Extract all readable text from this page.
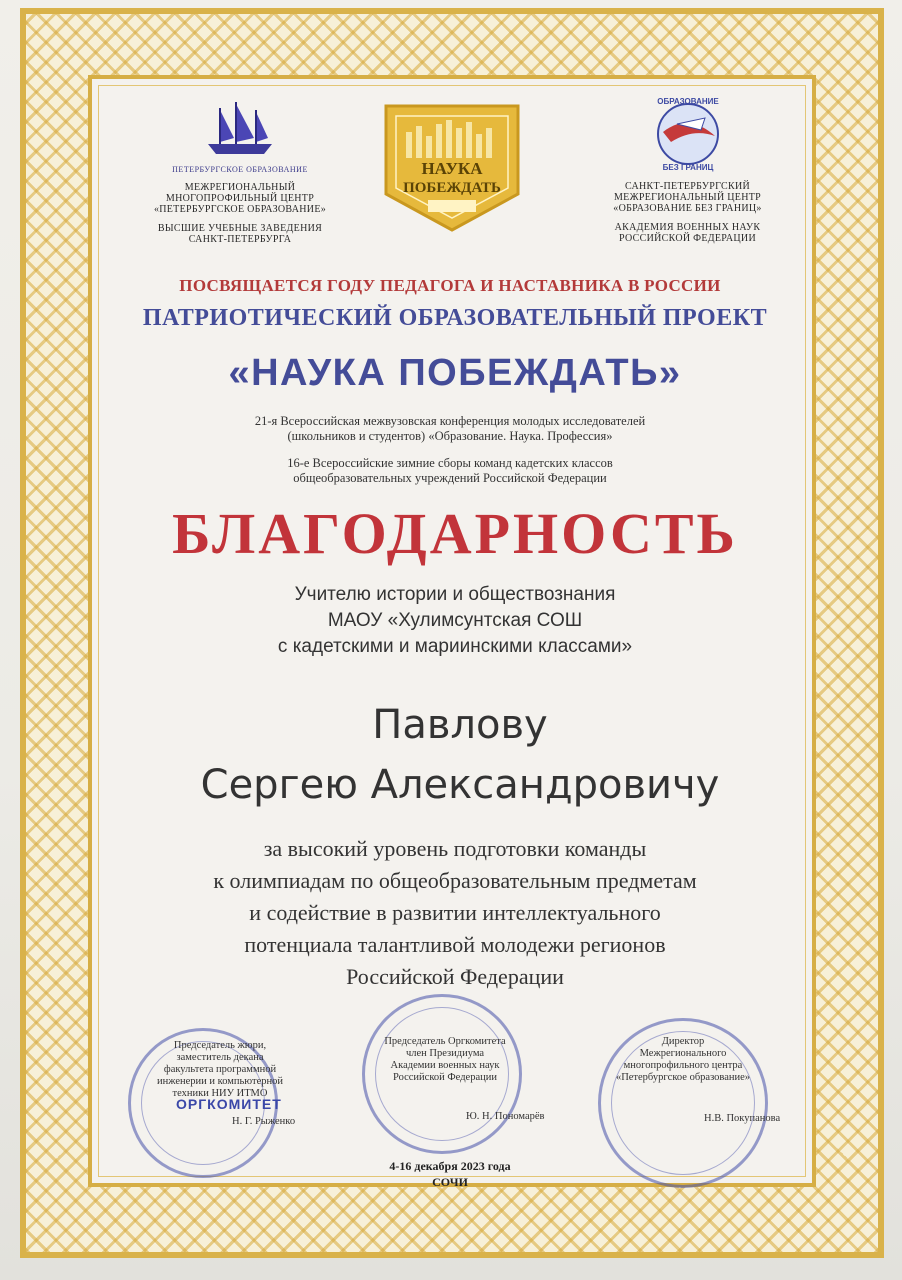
ПЕТЕРБУРГСКОЕ ОБРАЗОВАНИЕ
МЕЖРЕГИОНАЛЬНЫЙ
МНОГОПРОФИЛЬНЫЙ ЦЕНТР
«ПЕТЕРБУРГСКОЕ ОБРАЗОВАНИЕ»
ВЫСШИЕ УЧЕБНЫЕ ЗАВЕДЕНИЯ
САНКТ-ПЕТЕРБУРГА
НАУКА
ПОБЕЖДАТЬ
ОБРАЗОВАНИЕ
БЕЗ ГРАНИЦ
САНКТ-ПЕТЕРБУРГСКИЙ
МЕЖРЕГИОНАЛЬНЫЙ ЦЕНТР
«ОБРАЗОВАНИЕ БЕЗ ГРАНИЦ»
АКАДЕМИЯ ВОЕННЫХ НАУК
РОССИЙСКОЙ ФЕДЕРАЦИИ
ПОСВЯЩАЕТСЯ ГОДУ ПЕДАГОГА И НАСТАВНИКА В РОССИИ
ПАТРИОТИЧЕСКИЙ ОБРАЗОВАТЕЛЬНЫЙ ПРОЕКТ
«НАУКА ПОБЕЖДАТЬ»
21-я Всероссийская межвузовская конференция молодых исследователей
(школьников и студентов) «Образование. Наука. Профессия»
16-е Всероссийские зимние сборы команд кадетских классов
общеобразовательных учреждений Российской Федерации
БЛАГОДАРНОСТЬ
Учителю истории и обществознания
МАОУ «Хулимсунтская СОШ
с кадетскими и мариинскими классами»
Павлову
Сергею Александровичу
за высокий уровень подготовки команды
к олимпиадам по общеобразовательным предметам
и содействие в развитии интеллектуального
потенциала талантливой молодежи регионов
Российской Федерации
Председатель жюри,
заместитель декана
факультета программной
инженерии и компьютерной
техники НИУ ИТМО
ОРГКОМИТЕТ
Н. Г. Рыженко
Председатель Оргкомитета
член Президиума
Академии военных наук
Российской Федерации
Ю. Н. Пономарёв
Директор
Межрегионального
многопрофильного центра
«Петербургское образование»
Н.В. Покупанова
4-16 декабря 2023 года
СОЧИ
